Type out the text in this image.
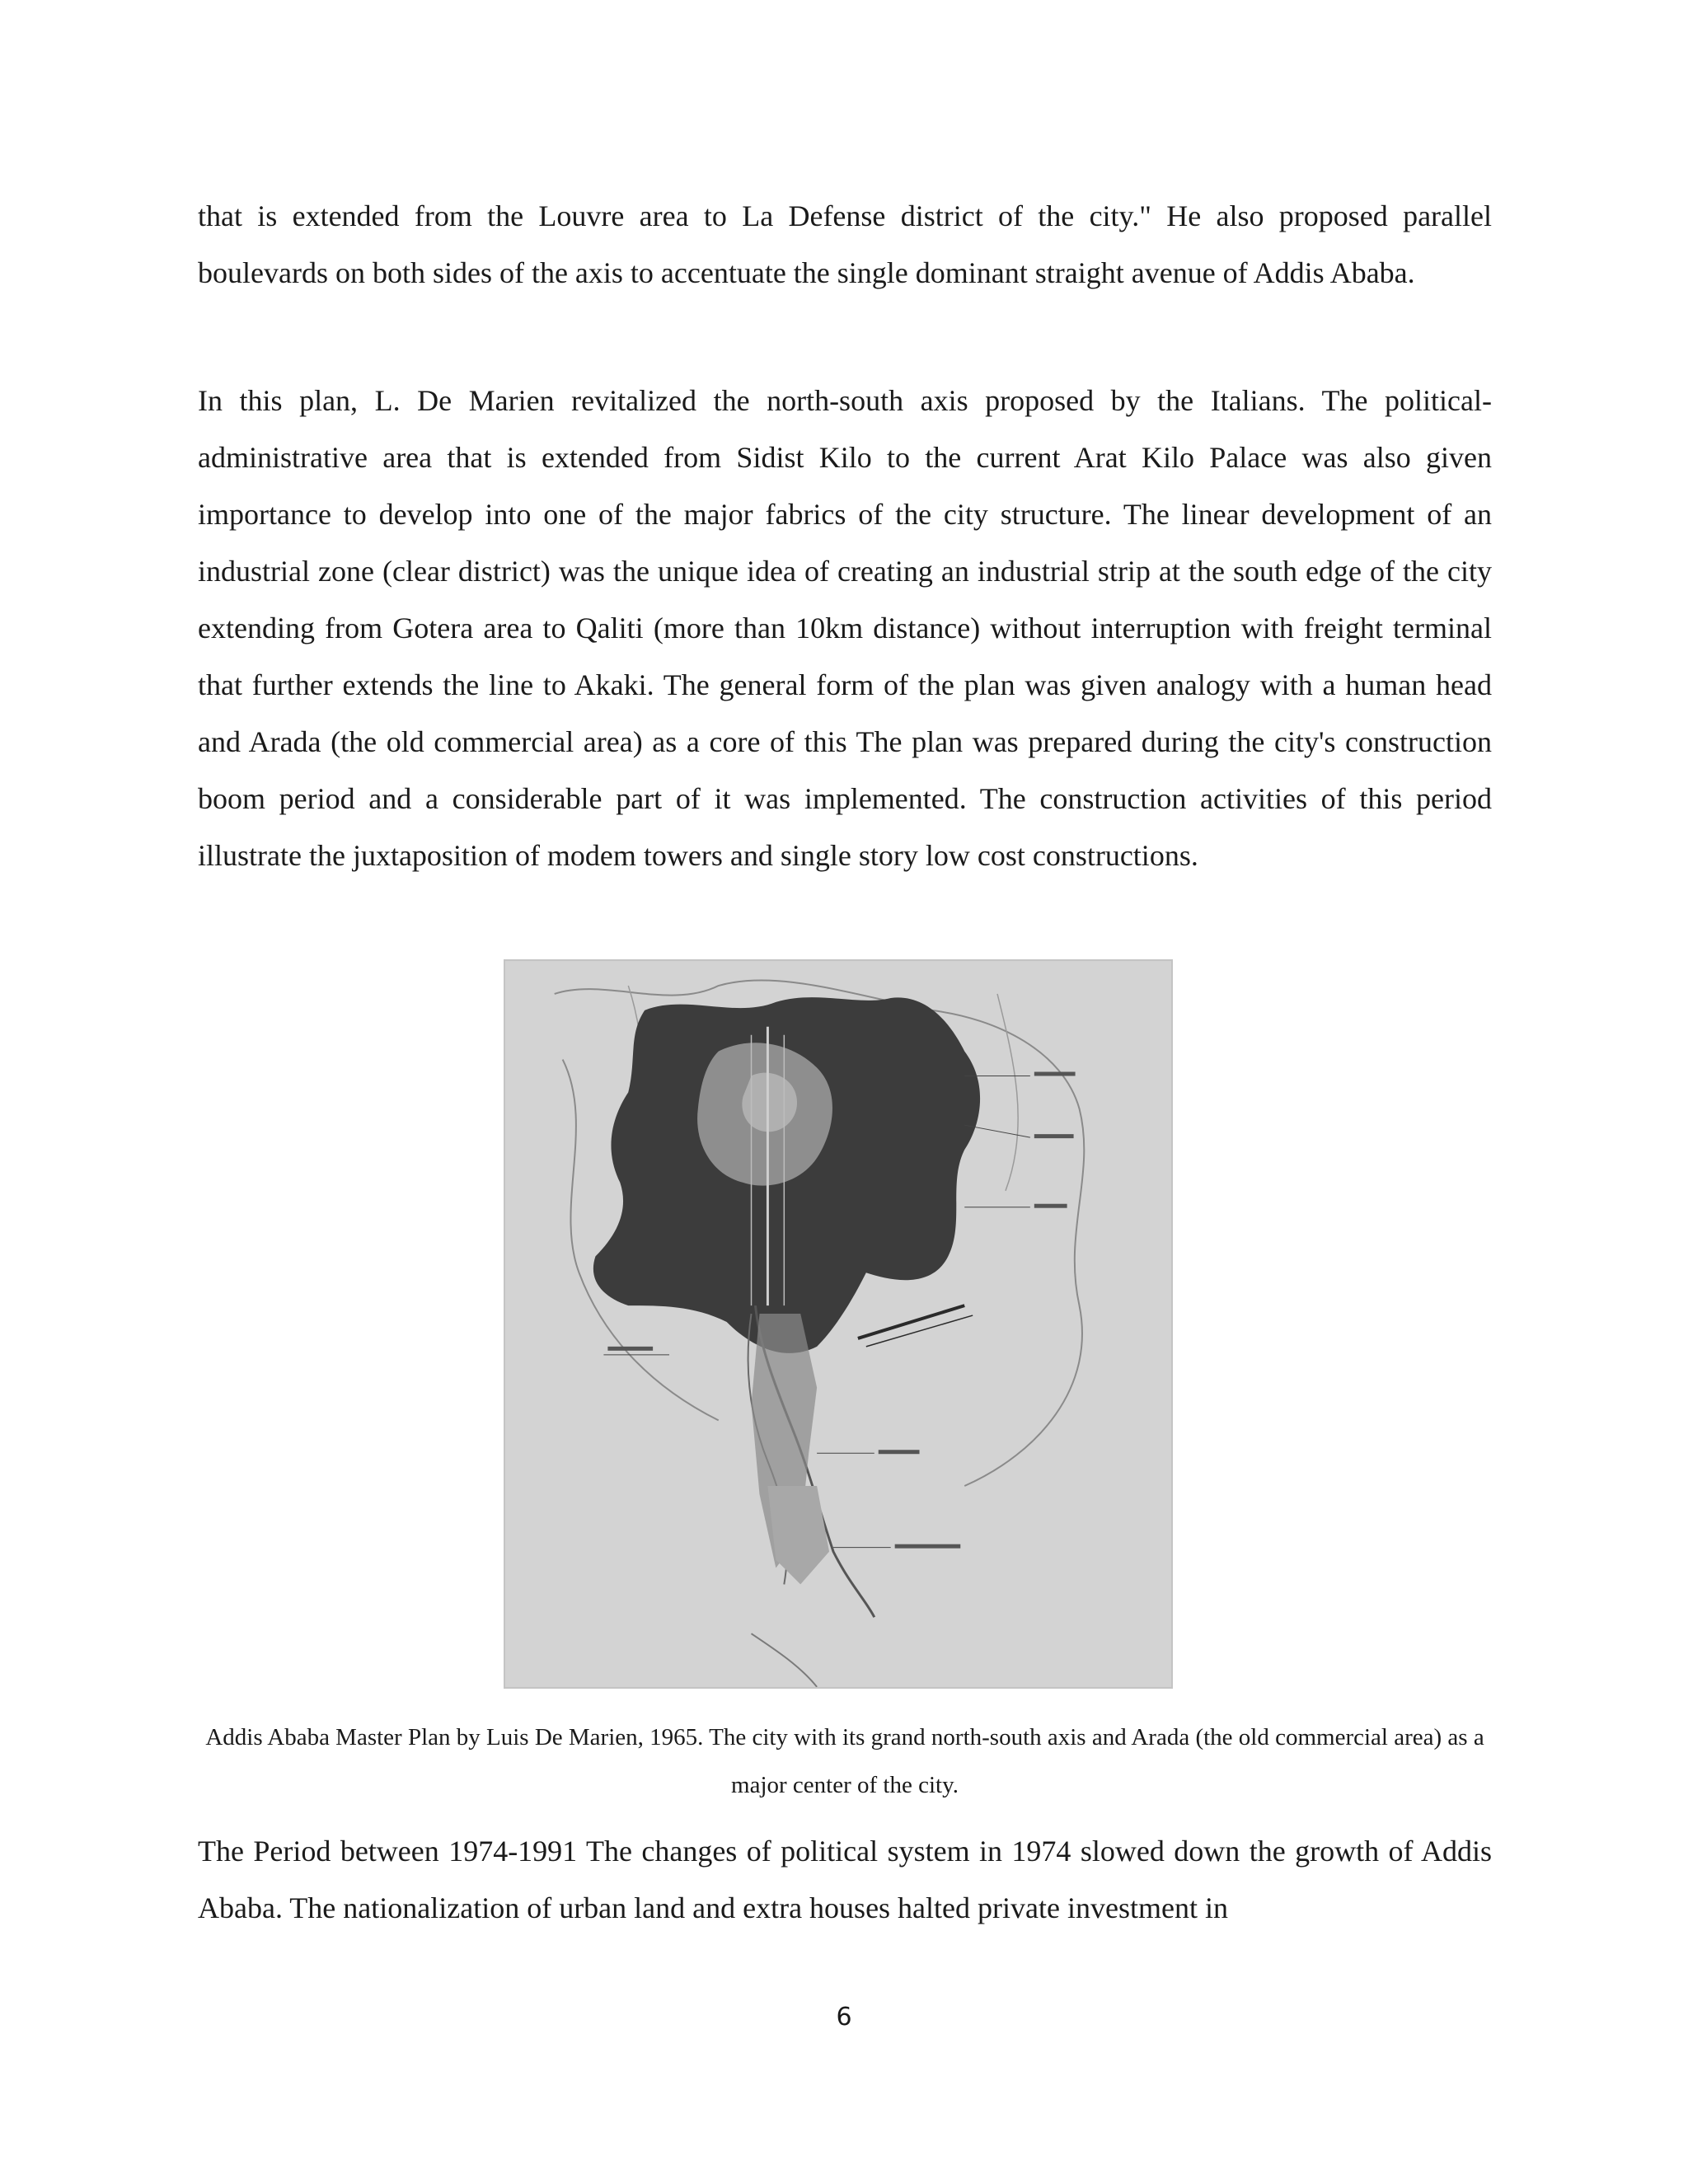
that is extended from the Louvre area to La Defense district of the city." He also proposed parallel boulevards on both sides of the axis to accentuate the single dominant straight avenue of Addis Ababa.

In this plan, L. De Marien revitalized the north-south axis proposed by the Italians. The political-administrative area that is extended from Sidist Kilo to the current Arat Kilo Palace was also given importance to develop into one of the major fabrics of the city structure. The linear development of an industrial zone (clear district) was the unique idea of creating an industrial strip at the south edge of the city extending from Gotera area to Qaliti (more than 10km distance) without interruption with freight terminal that further extends the line to Akaki. The general form of the plan was given analogy with a human head and Arada (the old commercial area) as a core of this The plan was prepared during the city's construction boom period and a considerable part of it was implemented. The construction activities of this period illustrate the juxtaposition of modem towers and single story low cost constructions.

Addis Ababa Master Plan by Luis De Marien, 1965. The city with its grand north-south axis and Arada (the old commercial area) as a major center of the city.

The Period between 1974-1991 The changes of political system in 1974 slowed down the growth of Addis Ababa. The nationalization of urban land and extra houses halted private investment in

6
